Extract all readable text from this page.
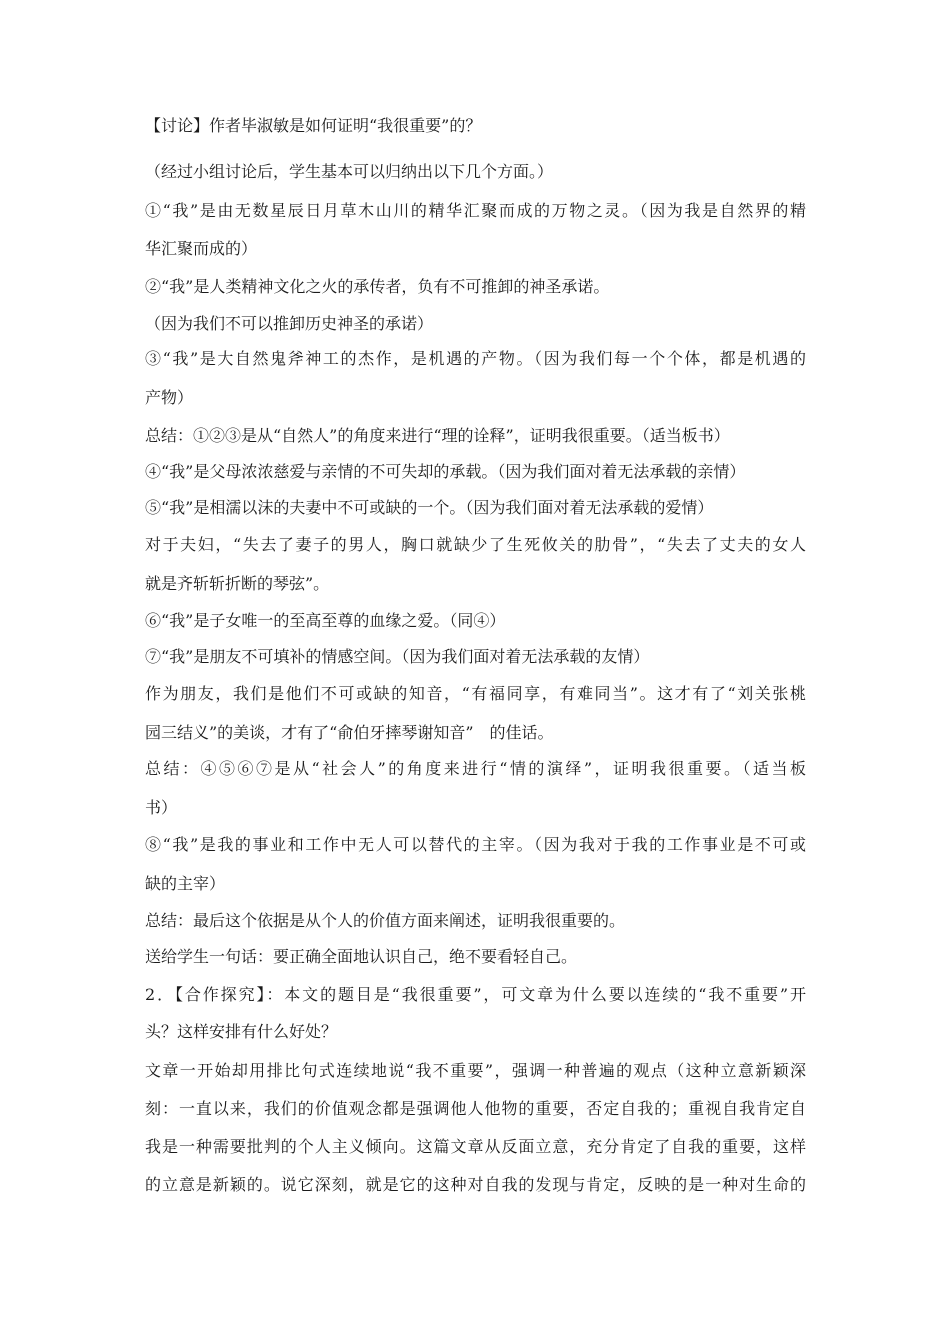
【讨论】作者毕淑敏是如何证明“我很重要”的？
（经过小组讨论后，学生基本可以归纳出以下几个方面。）
①“我”是由无数星辰日月草木山川的精华汇聚而成的万物之灵。（因为我是自然界的精
华汇聚而成的）
②“我”是人类精神文化之火的承传者，负有不可推卸的神圣承诺。
（因为我们不可以推卸历史神圣的承诺）
③“我”是大自然鬼斧神工的杰作，是机遇的产物。（因为我们每一个个体，都是机遇的
产物）
总结：①②③是从“自然人”的角度来进行“理的诠释”，证明我很重要。（适当板书）
④“我”是父母浓浓慈爱与亲情的不可失却的承载。（因为我们面对着无法承载的亲情）
⑤“我”是相濡以沫的夫妻中不可或缺的一个。（因为我们面对着无法承载的爱情）
对于夫妇，“失去了妻子的男人，胸口就缺少了生死攸关的肋骨”，“失去了丈夫的女人
就是齐斩斩折断的琴弦”。
⑥“我”是子女唯一的至高至尊的血缘之爱。（同④）
⑦“我”是朋友不可填补的情感空间。（因为我们面对着无法承载的友情）
作为朋友，我们是他们不可或缺的知音，“有福同享，有难同当”。这才有了“刘关张桃
园三结义”的美谈，才有了“俞伯牙摔琴谢知音”　的佳话。
总结：④⑤⑥⑦是从“社会人”的角度来进行“情的演绎”，证明我很重要。（适当板
书）
⑧“我”是我的事业和工作中无人可以替代的主宰。（因为我对于我的工作事业是不可或
缺的主宰）
总结：最后这个依据是从个人的价值方面来阐述，证明我很重要的。
送给学生一句话：要正确全面地认识自己，绝不要看轻自己。
2．【合作探究】：本文的题目是“我很重要”，可文章为什么要以连续的“我不重要”开
头？这样安排有什么好处？
文章一开始却用排比句式连续地说“我不重要”，强调一种普遍的观点（这种立意新颖深
刻：一直以来，我们的价值观念都是强调他人他物的重要，否定自我的；重视自我肯定自
我是一种需要批判的个人主义倾向。这篇文章从反面立意，充分肯定了自我的重要，这样
的立意是新颖的。说它深刻，就是它的这种对自我的发现与肯定，反映的是一种对生命的
